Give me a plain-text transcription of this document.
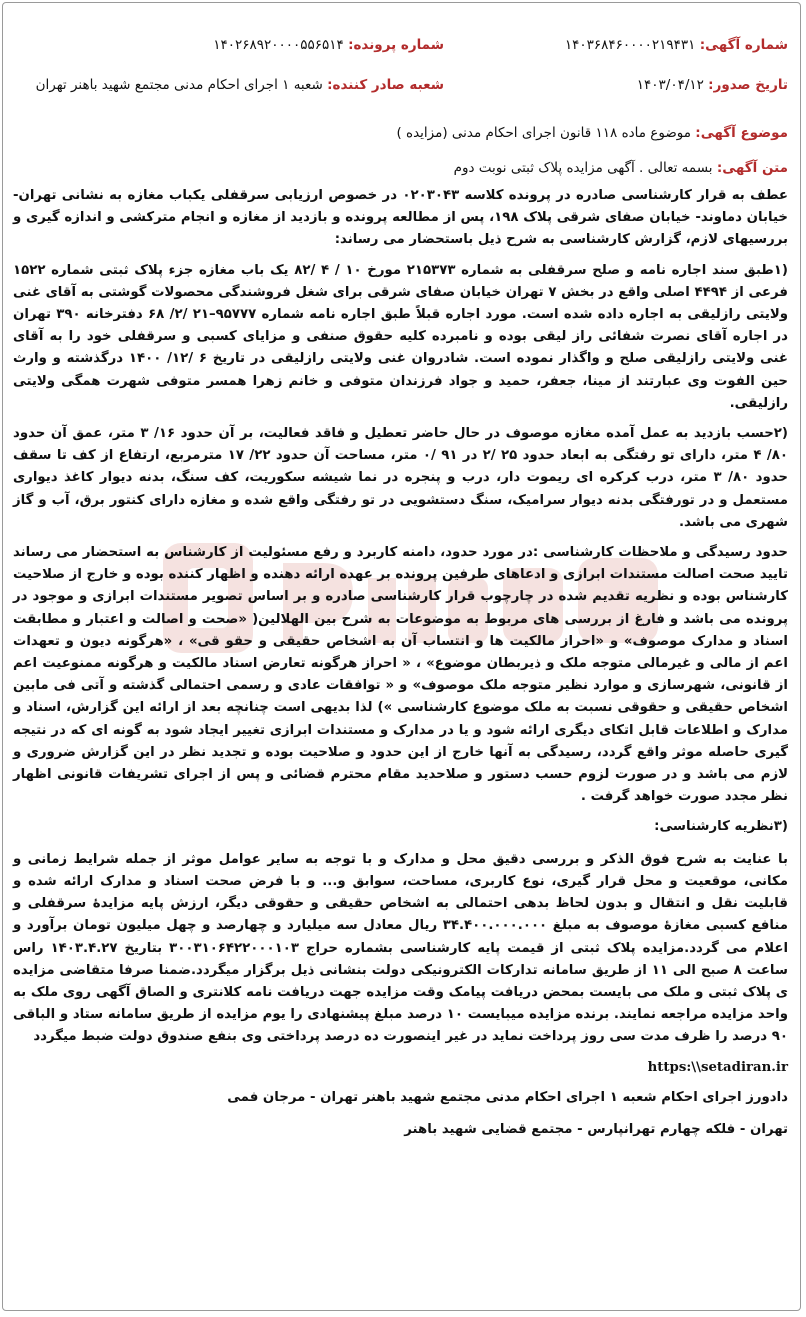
شماره آگهی: ۱۴۰۳۶۸۴۶۰۰۰۰۲۱۹۴۳۱
شماره پرونده: ۱۴۰۲۶۸۹۲۰۰۰۰۵۵۶۵۱۴
تاریخ صدور: ۱۴۰۳/۰۴/۱۲
شعبه صادر کننده: شعبه ۱ اجرای احکام مدنی مجتمع شهید باهنر تهران
موضوع آگهی: موضوع ماده ۱۱۸ قانون اجرای احکام مدنی (مزایده )
متن آگهی: بسمه تعالی . آگهی مزایده پلاک ثبتی نوبت دوم

عطف به قرار کارشناسی صادره در پرونده کلاسه ۰۲۰۳۰۴۳ در خصوص ارزیابی سرقفلی یکباب مغازه به نشانی تهران- خیابان دماوند- خیابان صفای شرقی پلاک ۱۹۸، پس از مطالعه پرونده و بازدید از مغازه و انجام مترکشی و اندازه گیری و بررسیهای لازم، گزارش کارشناسی به شرح ذیل باستحضار می رساند:

(۱طبق سند اجاره نامه و صلح سرقفلی به شماره ۲۱۵۳۷۳ مورخ ۱۰ / ۴ /۸۲ یک باب مغازه جزء پلاک ثبتی شماره ۱۵۲۲ فرعی از ۴۴۹۴ اصلی واقع در بخش ۷ تهران خیابان صفای شرقی برای شغل فروشندگی محصولات گوشتی به آقای غنی ولایتی رازلیقی به اجاره داده شده است. مورد اجاره قبلاً طبق اجاره نامه شماره ۹۵۷۷۷–۲۱ /۲/ ۶۸ دفترخانه ۳۹۰ تهران در اجاره آقای نصرت شفائی راز لیقی بوده و نامبرده کلیه حقوق صنفی و مزایای کسبی و سرقفلی خود را به آقای غنی ولایتی رازلیقی صلح و واگذار نموده است. شادروان غنی ولایتی رازلیقی در تاریخ ۶ /۱۲/ ۱۴۰۰ درگذشته و وارث حین الفوت وی عبارتند از مینا، جعفر، حمید و جواد فرزندان متوفی و خانم زهرا همسر متوفی شهرت همگی ولایتی رازلیقی.

(۲حسب بازدید به عمل آمده مغازه موصوف در حال حاضر تعطیل و فاقد فعالیت، بر آن حدود ۱۶/ ۳ متر، عمق آن حدود ۸۰/ ۴ متر، دارای تو رفتگی به ابعاد حدود ۲۵ /۲ در ۹۱ /۰ متر، مساحت آن حدود ۲۲/ ۱۷ مترمربع، ارتفاع از کف تا سقف حدود ۸۰/ ۳ متر، درب کرکره ای ریموت دار، درب و پنجره در نما شیشه سکوریت، کف سنگ، بدنه دیوار کاغذ دیواری مستعمل و در تورفتگی بدنه دیوار سرامیک، سنگ دستشویی در تو رفتگی واقع شده و مغازه دارای کنتور برق، آب و گاز شهری می باشد.

حدود رسیدگی و ملاحظات کارشناسی :در مورد حدود، دامنه کاربرد و رفع مسئولیت از کارشناس به استحضار می رساند تایید صحت اصالت مستندات ابرازی و ادعاهای طرفین پرونده بر عهده ارائه دهنده و اظهار کننده بوده و خارج از صلاحیت کارشناس بوده و نظریه تقدیم شده در چارچوب قرار کارشناسی صادره و بر اساس تصویر مستندات ابرازی و موجود در پرونده می باشد و فارغ از بررسی های مربوط به موضوعات به شرح بین الهلالین( «صحت و اصالت و اعتبار و مطابقت اسناد و مدارک موصوف» و «احراز مالکیت ها و انتساب آن به اشخاص حقیقی و حقو قی» ، «هرگونه دیون و تعهدات اعم از مالی و غیرمالی متوجه ملک و ذیربطان موضوع» ، « احراز هرگونه تعارض اسناد مالکیت و هرگونه ممنوعیت اعم از قانونی، شهرسازی و موارد نظیر متوجه ملک موصوف» و « توافقات عادی و رسمی احتمالی گذشته و آتی فی مابین اشخاص حقیقی و حقوقی نسبت به ملک موضوع کارشناسی ») لذا بدیهی است چنانچه بعد از ارائه این گزارش، اسناد و مدارک و اطلاعات قابل اتکای دیگری ارائه شود و یا در مدارک و مستندات ابرازی تغییر ایجاد شود به گونه ای که در نتیجه گیری حاصله موثر واقع گردد، رسیدگی به آنها خارج از این حدود و صلاحیت بوده و تجدید نظر در این گزارش ضروری و لازم می باشد و در صورت لزوم حسب دستور و صلاحدید مقام محترم قضائی و پس از اجرای تشریفات قانونی اظهار نظر مجدد صورت خواهد گرفت .

(۳نظریه کارشناسی:

با عنایت به شرح فوق الذکر و بررسی دقیق محل و مدارک و با توجه به سایر عوامل موثر از جمله شرایط زمانی و مکانی، موقعیت و محل قرار گیری، نوع کاربری، مساحت، سوابق و... و با فرض صحت اسناد و مدارک ارائه شده و قابلیت نقل و انتقال و بدون لحاظ بدهی احتمالی به اشخاص حقیقی و حقوقی دیگر، ارزش پایه مزایدهٔ سرقفلی و منافع کسبی مغازهٔ موصوف به مبلغ ۳۴.۴۰۰.۰۰۰.۰۰۰ ریال معادل سه میلیارد و چهارصد و چهل میلیون تومان برآورد و اعلام می گردد.مزایده پلاک ثبتی از قیمت پایه کارشناسی بشماره حراج ۳۰۰۳۱۰۶۴۲۲۰۰۰۱۰۳ بتاریخ ۱۴۰۳.۴.۲۷ راس ساعت ۸ صبح الی ۱۱ از طریق سامانه تدارکات الکترونیکی دولت بنشانی ذیل برگزار میگردد.ضمنا صرفا متقاضی مزایده ی پلاک ثبتی و ملک می بایست بمحض دریافت پیامک وقت مزایده جهت دریافت نامه کلانتری و الصاق آگهی روی ملک به واحد مزایده مراجعه نمایند. برنده مزایده میبایست ۱۰ درصد مبلغ پیشنهادی را یوم مزایده از طریق سامانه ستاد و الباقی ۹۰ درصد را ظرف مدت سی روز پرداخت نماید در غیر اینصورت ده درصد پرداختی وی بنفع صندوق دولت ضبط میگردد

https:\\setadiran.ir

دادورز اجرای احکام شعبه ۱ اجرای احکام مدنی مجتمع شهید باهنر تهران - مرجان فمی

تهران - فلکه چهارم تهرانپارس - مجتمع قضایی شهید باهنر
